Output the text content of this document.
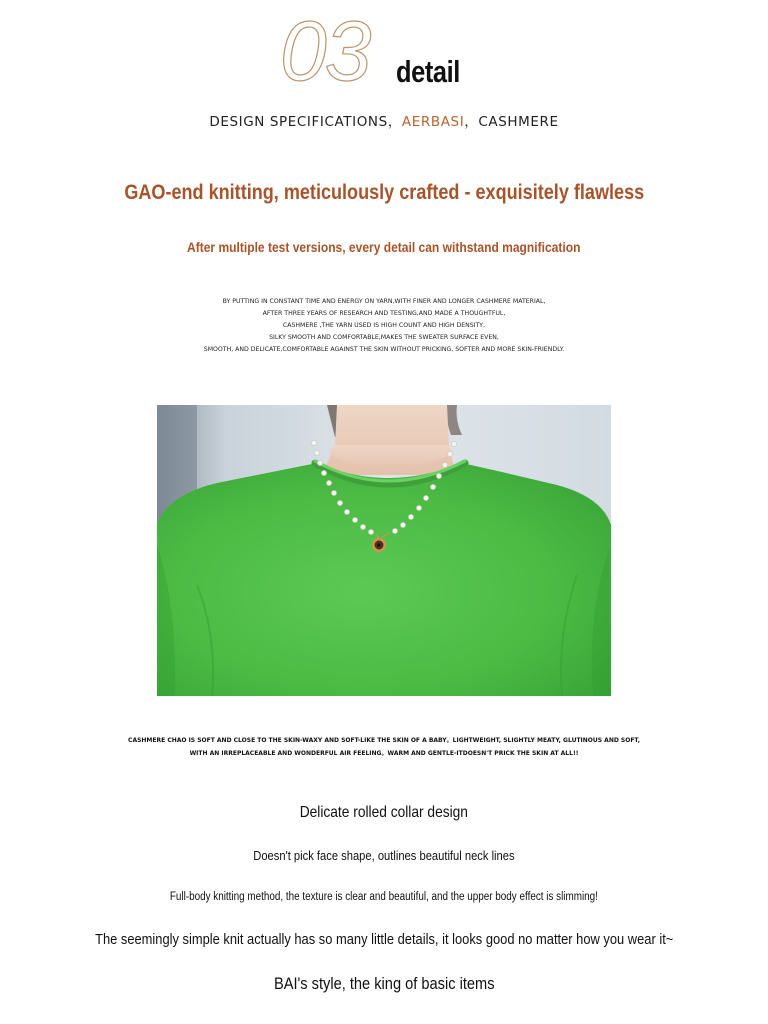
03 detail
DESIGN SPECIFICATIONS，AERBASI，CASHMERE
GAO-end knitting, meticulously crafted - exquisitely flawless
After multiple test versions, every detail can withstand magnification
BY PUTTING IN CONSTANT TIME AND ENERGY ON YARN,WITH FINER AND LONGER CASHMERE MATERIAL,
AFTER THREE YEARS OF RESEARCH AND TESTING,AND MADE A THOUGHTFUL,
CASHMERE ,THE YARN USED IS HIGH COUNT AND HIGH DENSITY,
SILKY SMOOTH AND COMFORTABLE,MAKES THE SWEATER SURFACE EVEN,
SMOOTH, AND DELICATE,COMFORTABLE AGAINST THE SKIN WITHOUT PRICKING, SOFTER AND MORE SKIN-FRIENDLY.
CASHMERE CHAO IS SOFT AND CLOSE TO THE SKIN-WAXY AND SOFT-LIKE THE SKIN OF A BABY。LIGHTWEIGHT, SLIGHTLY MEATY, GLUTINOUS AND SOFT,
WITH AN IRREPLACEABLE AND WONDERFUL AIR FEELING。WARM AND GENTLE-ITDOESN'T PRICK THE SKIN AT ALL!!
Delicate rolled collar design
Doesn't pick face shape, outlines beautiful neck lines
Full-body knitting method, the texture is clear and beautiful, and the upper body effect is slimming!
The seemingly simple knit actually has so many little details, it looks good no matter how you wear it~
BAI's style, the king of basic items
